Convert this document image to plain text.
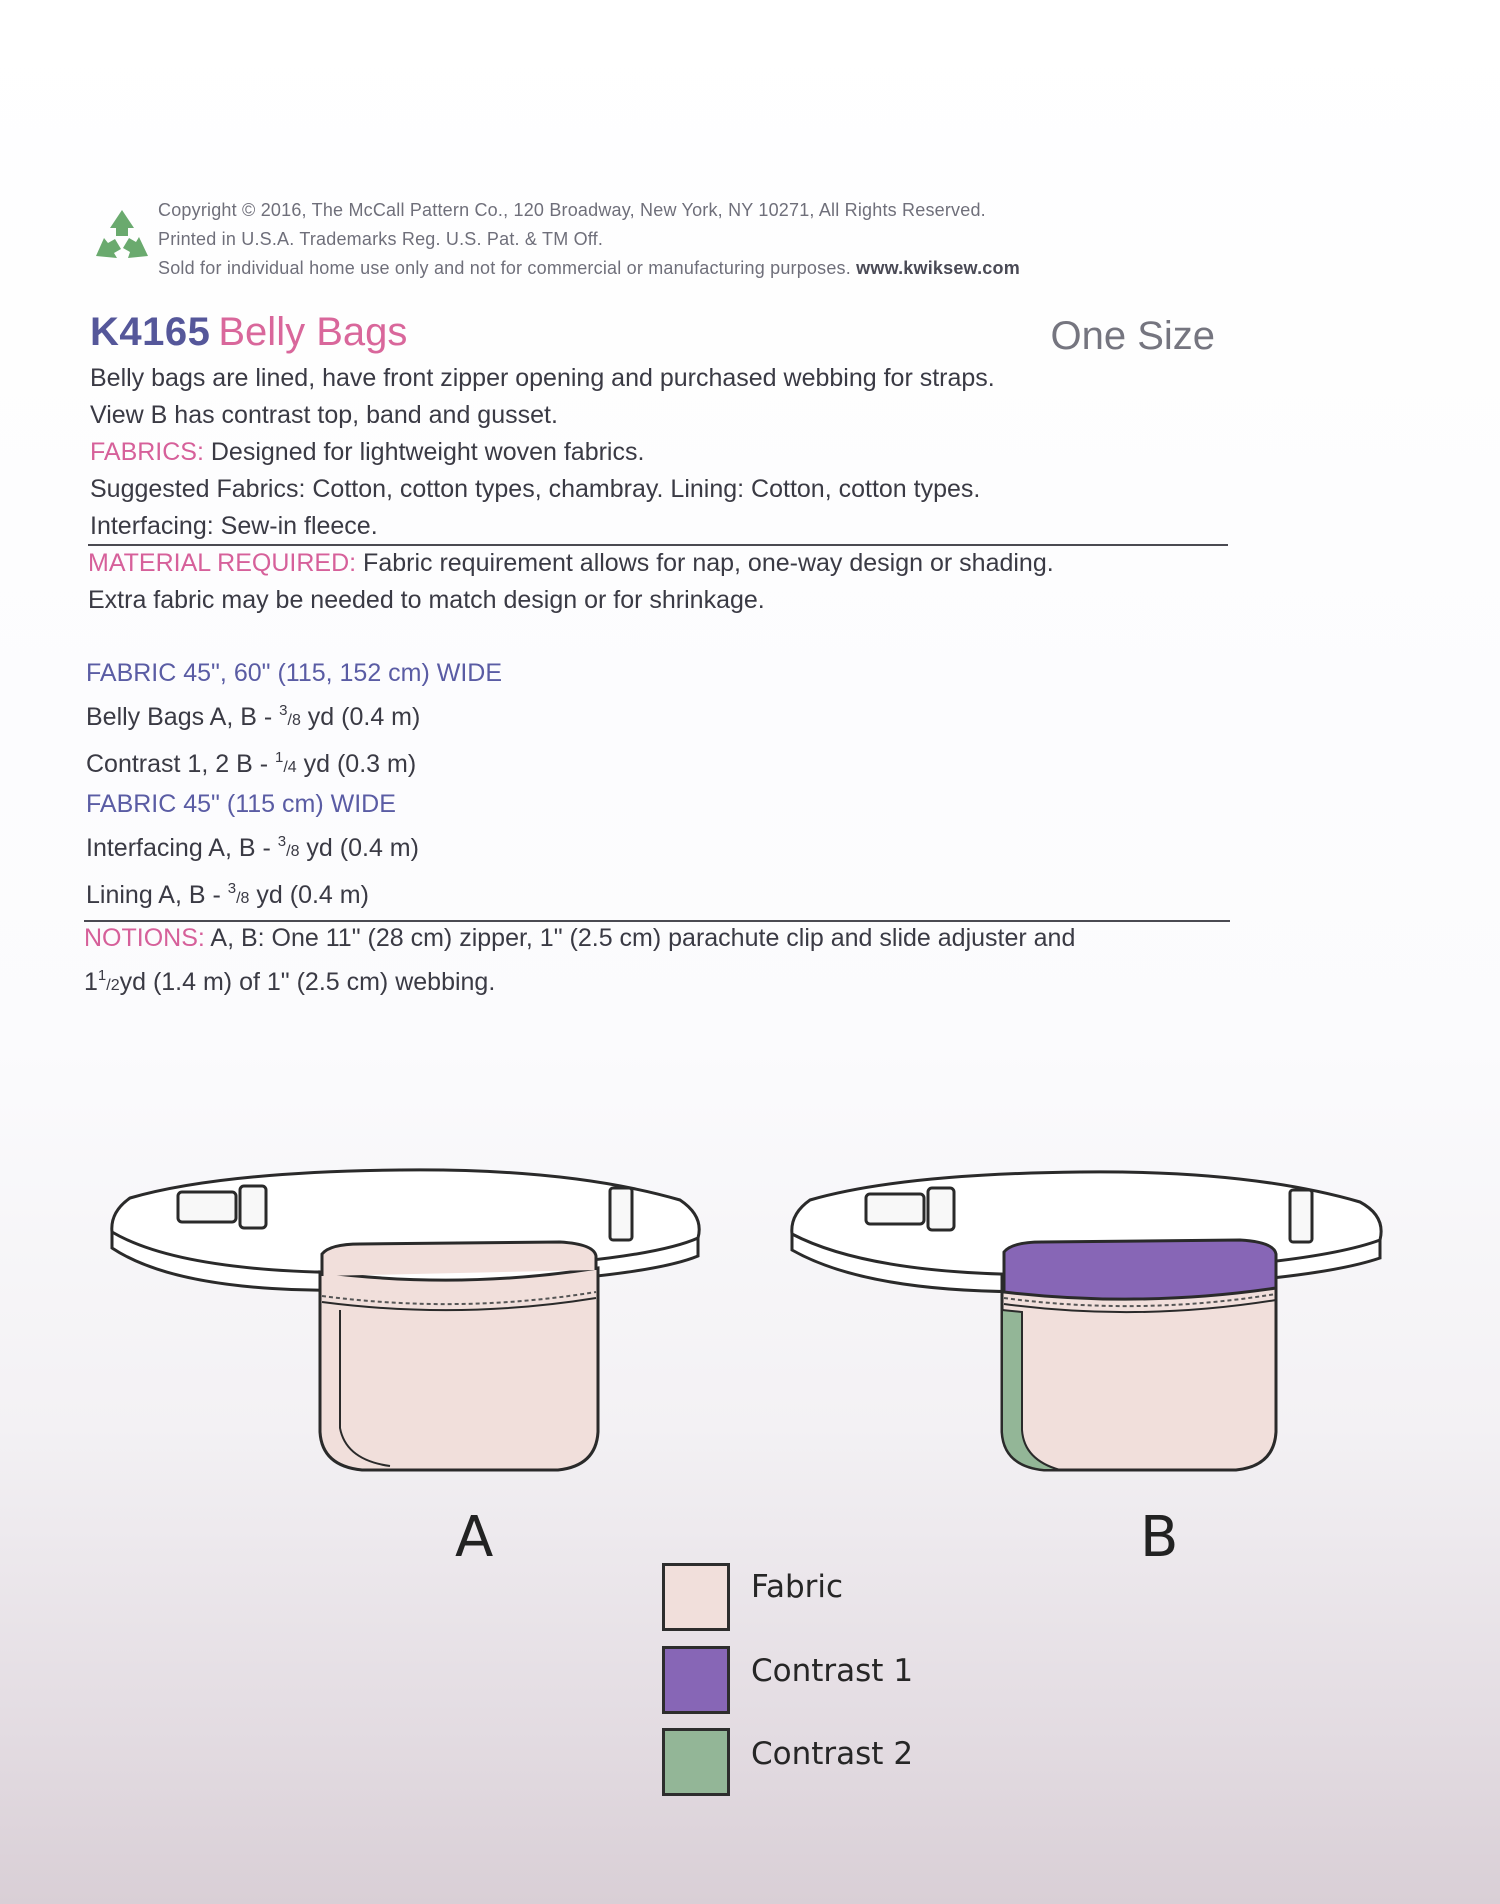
Copyright © 2016, The McCall Pattern Co., 120 Broadway, New York, NY 10271, All Rights Reserved.
Printed in U.S.A. Trademarks Reg. U.S. Pat. & TM Off.
Sold for individual home use only and not for commercial or manufacturing purposes. www.kwiksew.com
K4165 Belly Bags	One Size
Belly bags are lined, have front zipper opening and purchased webbing for straps.
View B has contrast top, band and gusset.
FABRICS: Designed for lightweight woven fabrics.
Suggested Fabrics: Cotton, cotton types, chambray. Lining: Cotton, cotton types.
Interfacing: Sew-in fleece.
MATERIAL REQUIRED: Fabric requirement allows for nap, one-way design or shading.
Extra fabric may be needed to match design or for shrinkage.
FABRIC 45", 60" (115, 152 cm) WIDE
Belly Bags A, B - $^3$/8 yd (0.4 m)
Contrast 1, 2 B - $^1$/4 yd (0.3 m)
FABRIC 45" (115 cm) WIDE
Interfacing A, B - $^3$/8 yd (0.4 m)
Lining A, B - $^3$/8 yd (0.4 m)
NOTIONS: A, B: One 11" (28 cm) zipper, 1" (2.5 cm) parachute clip and slide adjuster and
$1^1/2yd$ (1.4 m) of 1" (2.5 cm) webbing.
A	B
Fabric
Contrast 1
Contrast 2
